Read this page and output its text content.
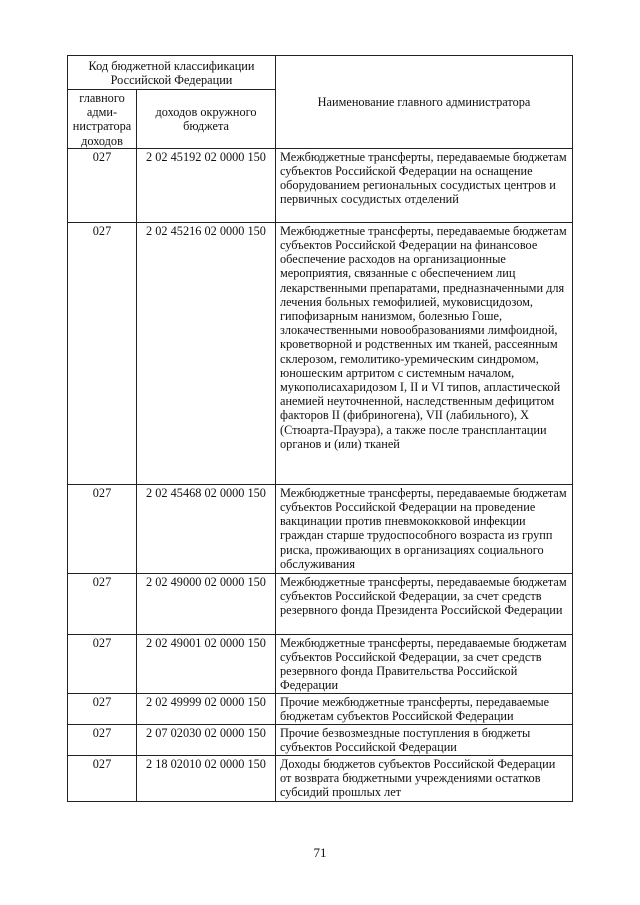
Код бюджетной классификации Российской Федерации		Наименование главного администратора
главного адми-нистратора доходов	доходов окружного бюджета	
027	2 02 45192 02 0000 150	Межбюджетные трансферты, передаваемые бюджетам субъектов Российской Федерации на оснащение оборудованием региональных сосудистых центров и первичных сосудистых отделений
027	2 02 45216 02 0000 150	Межбюджетные трансферты, передаваемые бюджетам субъектов Российской Федерации на финансовое обеспечение расходов на организационные мероприятия, связанные с обеспечением лиц лекарственными препаратами, предназначенными для лечения больных гемофилией, муковисцидозом, гипофизарным нанизмом, болезнью Гоше, злокачественными новообразованиями лимфоидной, кроветворной и родственных им тканей, рассеянным склерозом, гемолитико-уремическим синдромом, юношеским артритом с системным началом, мукополисахаридозом I, II и VI типов, апластической анемией неуточненной, наследственным дефицитом факторов II (фибриногена), VII (лабильного), X (Стюарта-Прауэра), а также после трансплантации органов и (или) тканей
027	2 02 45468 02 0000 150	Межбюджетные трансферты, передаваемые бюджетам субъектов Российской Федерации на проведение вакцинации против пневмококковой инфекции граждан старше трудоспособного возраста из групп риска, проживающих в организациях социального обслуживания
027	2 02 49000 02 0000 150	Межбюджетные трансферты, передаваемые бюджетам субъектов Российской Федерации, за счет средств резервного фонда Президента Российской Федерации
027	2 02 49001 02 0000 150	Межбюджетные трансферты, передаваемые бюджетам субъектов Российской Федерации, за счет средств резервного фонда Правительства Российской Федерации
027	2 02 49999 02 0000 150	Прочие межбюджетные трансферты, передаваемые бюджетам субъектов Российской Федерации
027	2 07 02030 02 0000 150	Прочие безвозмездные поступления в бюджеты субъектов Российской Федерации
027	2 18 02010 02 0000 150	Доходы бюджетов субъектов Российской Федерации от возврата бюджетными учреждениями остатков субсидий прошлых лет
71
